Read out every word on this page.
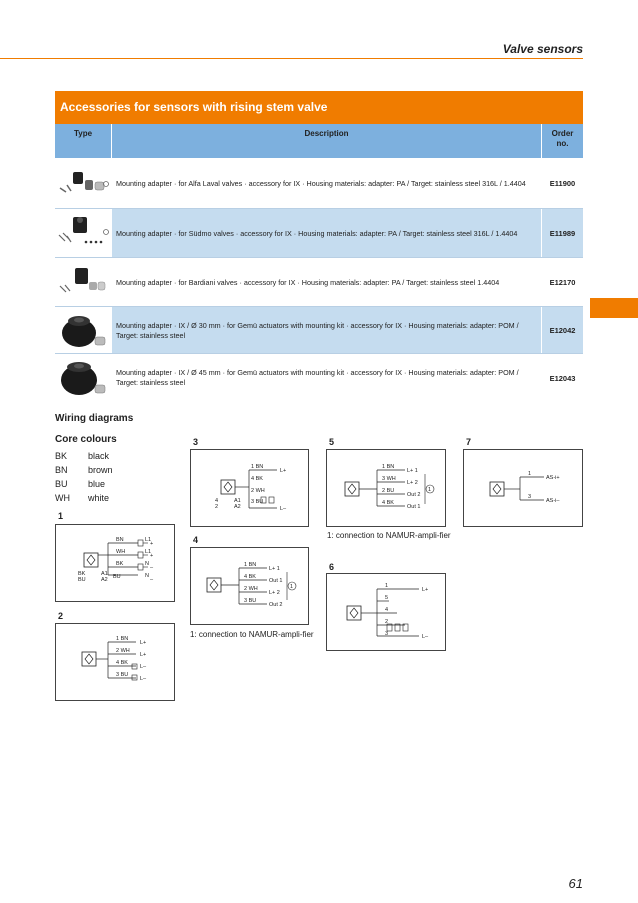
Valve sensors
Accessories for sensors with rising stem valve
Type	Description	Order
no.
Mounting adapter · for Alfa Laval valves · accessory for IX · Housing materials: adapter: PA / Target: stainless steel 316L / 1.4404	E11900
Mounting adapter · for Südmo valves · accessory for IX · Housing materials: adapter: PA / Target: stainless steel 316L / 1.4404	E11989
Mounting adapter · for Bardiani valves · accessory for IX · Housing materials: adapter: PA / Target: stainless steel 1.4404	E12170
Mounting adapter · IX / Ø 30 mm · for Gemü actuators with mounting kit · accessory for IX · Housing materials: adapter: POM / Target: stainless steel	E12042
Mounting adapter · IX / Ø 45 mm · for Gemü actuators with mounting kit · accessory for IX · Housing materials: adapter: POM / Target: stainless steel	E12043
Wiring diagrams
Core colours
BK black
BN brown
BU blue
WH white
1
2
3
4
5
6
7
BN
WH
BK
BU
BK
BU
A1
A2
L1
+
L1
+
N
–
N
–
1 BN
2 WH
4 BK
3 BU
L+
L+
L–
L–
1 BN
4 BK
2 WH
3 BU
4
2
A1
A2
L+
L–
1 BN
4 BK
2 WH
3 BU
L+ 1
Out 1
L+ 2
Out 2
1
1: connection to NAMUR-ampli-fier
1 BN
3 WH
2 BU
4 BK
L+ 1
L+ 2
Out 2
Out 1
1
1: connection to NAMUR-ampli-fier
1
5
4
2
3
L+
L–
1
3
AS-i+
AS-i–
61
